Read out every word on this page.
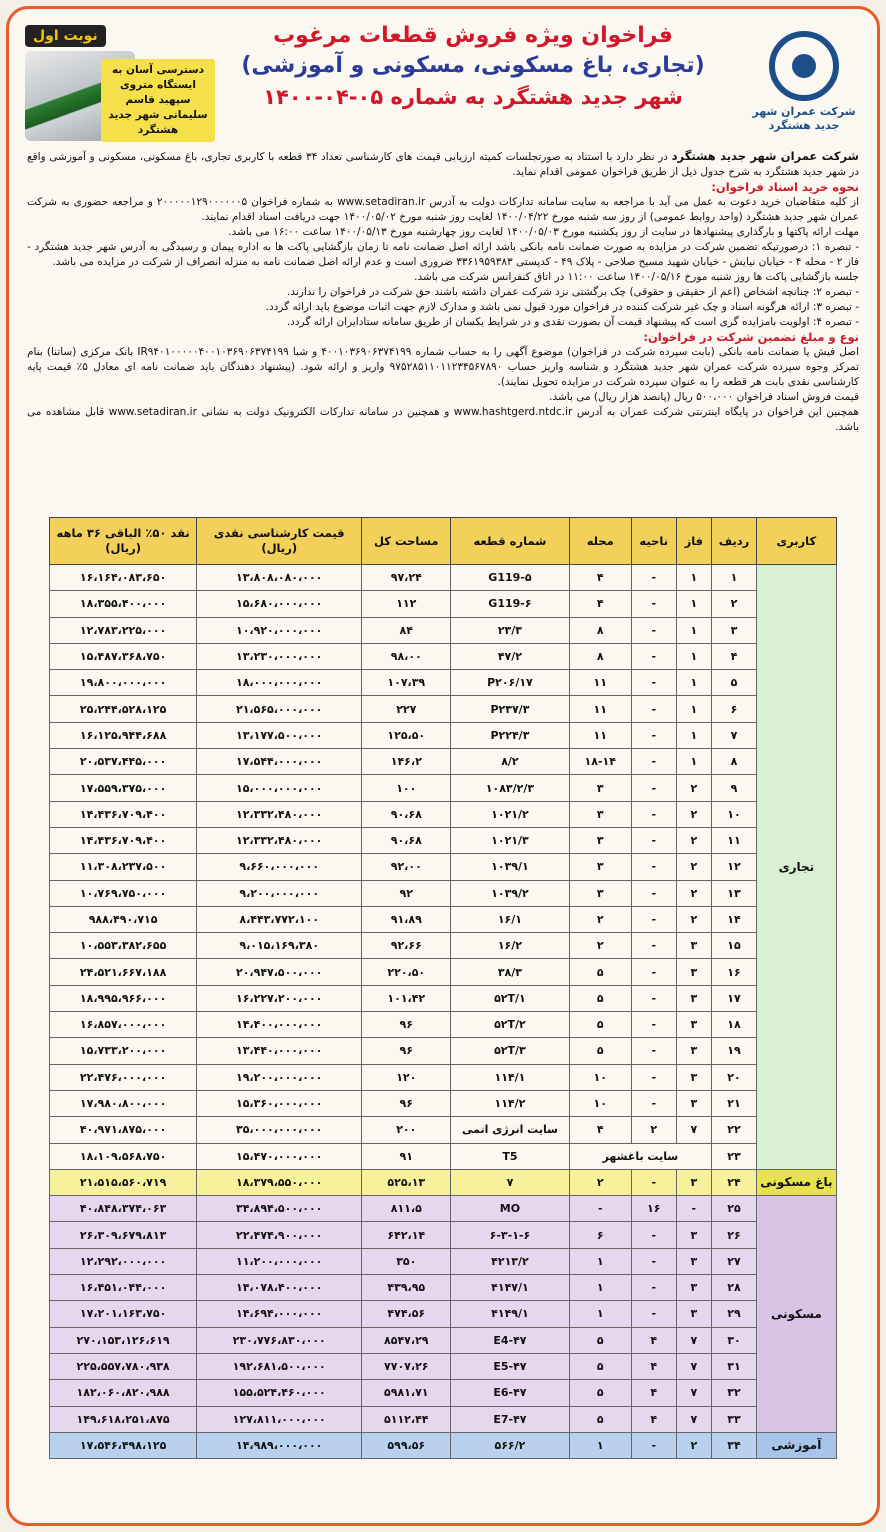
شرکت عمران شهر جدید هشتگرد
فراخوان ویژه فروش قطعات مرغوب
(تجاری، باغ مسکونی، مسکونی و آموزشی)
شهر جدید هشتگرد به شماره ۰۵-۰۴-۱۴۰۰
نوبت اول
دسترسی آسان به ایستگاه متروی سپهبد قاسم سلیمانی شهر جدید هشتگرد

شرکت عمران شهر جدید هشتگرد در نظر دارد با استناد به صورتجلسات کمیته ارزیابی قیمت های کارشناسی تعداد ۳۴ قطعه با کاربری تجاری، باغ مسکونی، مسکونی و آموزشی واقع در شهر جدید هشتگرد به شرح جدول ذیل از طریق فراخوان عمومی اقدام نماید.

نحوه خرید اسناد فراخوان:

از کلیه متقاضیان خرید دعوت به عمل می آید با مراجعه به سایت سامانه تدارکات دولت به آدرس www.setadiran.ir به شماره فراخوان ۲۰۰۰۰۰۱۲۹۰۰۰۰۰۰۵ و مراجعه حضوری به شرکت عمران شهر جدید هشتگرد (واحد روابط عمومی) از روز سه شنبه مورخ ۱۴۰۰/۰۴/۲۲ لغایت روز شنبه مورخ ۱۴۰۰/۰۵/۰۲ جهت دریافت اسناد اقدام نمایند.

مهلت ارائه پاکتها و بارگذاری پیشنهادها در سایت از روز یکشنبه مورخ ۱۴۰۰/۰۵/۰۳ لغایت روز چهارشنبه مورخ ۱۴۰۰/۰۵/۱۳ ساعت ۱۶:۰۰ می باشد.

- تبصره ۱: درصورتیکه تضمین شرکت در مزایده به صورت ضمانت نامه بانکی باشد ارائه اصل ضمانت نامه تا زمان بازگشایی پاکت ها به اداره پیمان و رسیدگی به آدرس شهر جدید هشتگرد - فاز ۲ - محله ۴ - خیابان نیایش - خیابان شهید مسیح صلاحی - پلاک ۴۹ - کدپستی ۳۳۶۱۹۵۹۳۸۳ ضروری است و عدم ارائه اصل ضمانت نامه به منزله انصراف از شرکت در مزایده می باشد.

جلسه بازگشایی پاکت ها روز شنبه مورخ ۱۴۰۰/۰۵/۱۶ ساعت ۱۱:۰۰ در اتاق کنفرانس شرکت می باشد.

- تبصره ۲: چنانچه اشخاص (اعم از حقیقی و حقوقی) چک برگشتی نزد شرکت عمران داشته باشند حق شرکت در فراخوان را ندارند.

- تبصره ۳: ارائه هرگونه اسناد و چک غیر شرکت کننده در فراخوان مورد قبول نمی باشد و مدارک لازم جهت اثبات موضوع باید ارائه گردد.

- تبصره ۴: اولویت بامزایده گری است که پیشنهاد قیمت آن بصورت نقدی و در شرایط یکسان از طریق سامانه ستادایران ارائه گردد.

نوع و مبلغ تضمین شرکت در فراخوان:

اصل فیش یا ضمانت نامه بانکی (بابت سپرده شرکت در فراخوان) موضوع آگهی را به حساب شماره ۴۰۰۱۰۳۶۹۰۶۳۷۴۱۹۹ و شبا IR۹۴۰۱۰۰۰۰۰۴۰۰۱۰۳۶۹۰۶۳۷۴۱۹۹ بانک مرکزی (ساتنا) بنام تمرکز وجوه سپرده شرکت عمران شهر جدید هشتگرد و شناسه واریز حساب ۹۷۵۲۸۵۱۱۰۱۱۲۳۴۵۶۷۸۹۰ واریز و ارائه شود. (پیشنهاد دهندگان باید ضمانت نامه ای معادل ۵٪ قیمت پایه کارشناسی نقدی بابت هر قطعه را به عنوان سپرده شرکت در مزایده تحویل نمایند).

قیمت فروش اسناد فراخوان ۵۰۰،۰۰۰ ریال (پانصد هزار ریال) می باشد.

همچنین این فراخوان در پایگاه اینترنتی شرکت عمران به آدرس www.hashtgerd.ntdc.ir و همچنین در سامانه تدارکات الکترونیک دولت به نشانی www.setadiran.ir قابل مشاهده می باشد.

کاربری	ردیف	فاز	ناحیه	محله	شماره قطعه	مساحت کل	قیمت کارشناسی نقدی (ریال)	نقد ۵۰٪ الباقی ۳۶ ماهه (ریال)
تجاری	۱	۱	-	۴	G119-۵	۹۷،۲۴	۱۳،۸۰۸،۰۸۰،۰۰۰	۱۶،۱۶۴،۰۸۳،۶۵۰
	۲	۱	-	۴	G119-۶	۱۱۲	۱۵،۶۸۰،۰۰۰،۰۰۰	۱۸،۳۵۵،۴۰۰،۰۰۰
	۳	۱	-	۸	۲۳/۳	۸۴	۱۰،۹۲۰،۰۰۰،۰۰۰	۱۲،۷۸۳،۲۲۵،۰۰۰
	۴	۱	-	۸	۴۷/۲	۹۸،۰۰	۱۳،۲۳۰،۰۰۰،۰۰۰	۱۵،۴۸۷،۳۶۸،۷۵۰
	۵	۱	-	۱۱	P۲۰۶/۱۷	۱۰۷،۳۹	۱۸،۰۰۰،۰۰۰،۰۰۰	۱۹،۸۰۰،۰۰۰،۰۰۰
	۶	۱	-	۱۱	P۲۳۷/۳	۲۲۷	۲۱،۵۶۵،۰۰۰،۰۰۰	۲۵،۲۴۴،۵۲۸،۱۲۵
	۷	۱	-	۱۱	P۲۲۴/۳	۱۲۵،۵۰	۱۳،۱۷۷،۵۰۰،۰۰۰	۱۶،۱۲۵،۹۴۴،۶۸۸
	۸	۱	-	۱۸-۱۴	۸/۲	۱۴۶،۲	۱۷،۵۴۴،۰۰۰،۰۰۰	۲۰،۵۳۷،۴۴۵،۰۰۰
	۹	۲	-	۳	۱۰۸۳/۲/۳	۱۰۰	۱۵،۰۰۰،۰۰۰،۰۰۰	۱۷،۵۵۹،۳۷۵،۰۰۰
	۱۰	۲	-	۳	۱۰۲۱/۲	۹۰،۶۸	۱۲،۳۳۲،۴۸۰،۰۰۰	۱۴،۴۳۶،۷۰۹،۴۰۰
	۱۱	۲	-	۳	۱۰۲۱/۳	۹۰،۶۸	۱۲،۳۳۲،۴۸۰،۰۰۰	۱۴،۴۳۶،۷۰۹،۴۰۰
	۱۲	۲	-	۳	۱۰۳۹/۱	۹۲،۰۰	۹،۶۶۰،۰۰۰،۰۰۰	۱۱،۳۰۸،۲۳۷،۵۰۰
	۱۳	۲	-	۳	۱۰۳۹/۲	۹۲	۹،۲۰۰،۰۰۰،۰۰۰	۱۰،۷۶۹،۷۵۰،۰۰۰
	۱۴	۲	-	۲	۱۶/۱	۹۱،۸۹	۸،۴۴۳،۷۷۲،۱۰۰	۹۸۸،۴۹۰،۷۱۵
	۱۵	۳	-	۲	۱۶/۲	۹۲،۶۶	۹،۰۱۵،۱۶۹،۳۸۰	۱۰،۵۵۳،۳۸۲،۶۵۵
	۱۶	۳	-	۵	۳۸/۳	۲۲۰،۵۰	۲۰،۹۴۷،۵۰۰،۰۰۰	۲۴،۵۲۱،۶۶۷،۱۸۸
	۱۷	۳	-	۵	۵۲T/۱	۱۰۱،۴۲	۱۶،۲۲۷،۲۰۰،۰۰۰	۱۸،۹۹۵،۹۶۶،۰۰۰
	۱۸	۳	-	۵	۵۲T/۲	۹۶	۱۴،۴۰۰،۰۰۰،۰۰۰	۱۶،۸۵۷،۰۰۰،۰۰۰
	۱۹	۳	-	۵	۵۲T/۳	۹۶	۱۳،۴۴۰،۰۰۰،۰۰۰	۱۵،۷۳۳،۲۰۰،۰۰۰
	۲۰	۳	-	۱۰	۱۱۴/۱	۱۲۰	۱۹،۲۰۰،۰۰۰،۰۰۰	۲۲،۴۷۶،۰۰۰،۰۰۰
	۲۱	۳	-	۱۰	۱۱۴/۲	۹۶	۱۵،۳۶۰،۰۰۰،۰۰۰	۱۷،۹۸۰،۸۰۰،۰۰۰
	۲۲	۷	۲	۴	سایت انرژی اتمی	۲۰۰	۳۵،۰۰۰،۰۰۰،۰۰۰	۴۰،۹۷۱،۸۷۵،۰۰۰
	۲۳	سایت باغشهر			T5	۹۱	۱۵،۴۷۰،۰۰۰،۰۰۰	۱۸،۱۰۹،۵۶۸،۷۵۰
باغ مسکونی	۲۴	۳	-	۲	۷	۵۲۵،۱۳	۱۸،۳۷۹،۵۵۰،۰۰۰	۲۱،۵۱۵،۵۶۰،۷۱۹
مسکونی	۲۵	-	۱۶	-	MO	۸۱۱،۵	۳۴،۸۹۴،۵۰۰،۰۰۰	۴۰،۸۴۸،۳۷۴،۰۶۳
	۲۶	۳	-	۶	۶-۳-۱-۶	۶۴۲،۱۴	۲۲،۴۷۴،۹۰۰،۰۰۰	۲۶،۳۰۹،۶۷۹،۸۱۳
	۲۷	۳	-	۱	۴۲۱۳/۲	۳۵۰	۱۱،۲۰۰،۰۰۰،۰۰۰	۱۲،۲۹۲،۰۰۰،۰۰۰
	۲۸	۳	-	۱	۴۱۴۷/۱	۴۳۹،۹۵	۱۴،۰۷۸،۴۰۰،۰۰۰	۱۶،۴۵۱،۰۴۴،۰۰۰
	۲۹	۳	-	۱	۴۱۴۹/۱	۴۷۴،۵۶	۱۴،۶۹۴،۰۰۰،۰۰۰	۱۷،۲۰۱،۱۶۳،۷۵۰
	۳۰	۷	۴	۵	E4-۴۷	۸۵۴۷،۲۹	۲۳۰،۷۷۶،۸۳۰،۰۰۰	۲۷۰،۱۵۳،۱۲۶،۶۱۹
	۳۱	۷	۴	۵	E5-۴۷	۷۷۰۷،۲۶	۱۹۲،۶۸۱،۵۰۰،۰۰۰	۲۲۵،۵۵۷،۷۸۰،۹۳۸
	۳۲	۷	۴	۵	E6-۴۷	۵۹۸۱،۷۱	۱۵۵،۵۲۴،۴۶۰،۰۰۰	۱۸۲،۰۶۰،۸۲۰،۹۸۸
	۳۳	۷	۴	۵	E7-۴۷	۵۱۱۲،۴۴	۱۲۷،۸۱۱،۰۰۰،۰۰۰	۱۴۹،۶۱۸،۲۵۱،۸۷۵
آموزشی	۳۴	۲	-	۱	۵۶۶/۲	۵۹۹،۵۶	۱۴،۹۸۹،۰۰۰،۰۰۰	۱۷،۵۴۶،۴۹۸،۱۲۵
